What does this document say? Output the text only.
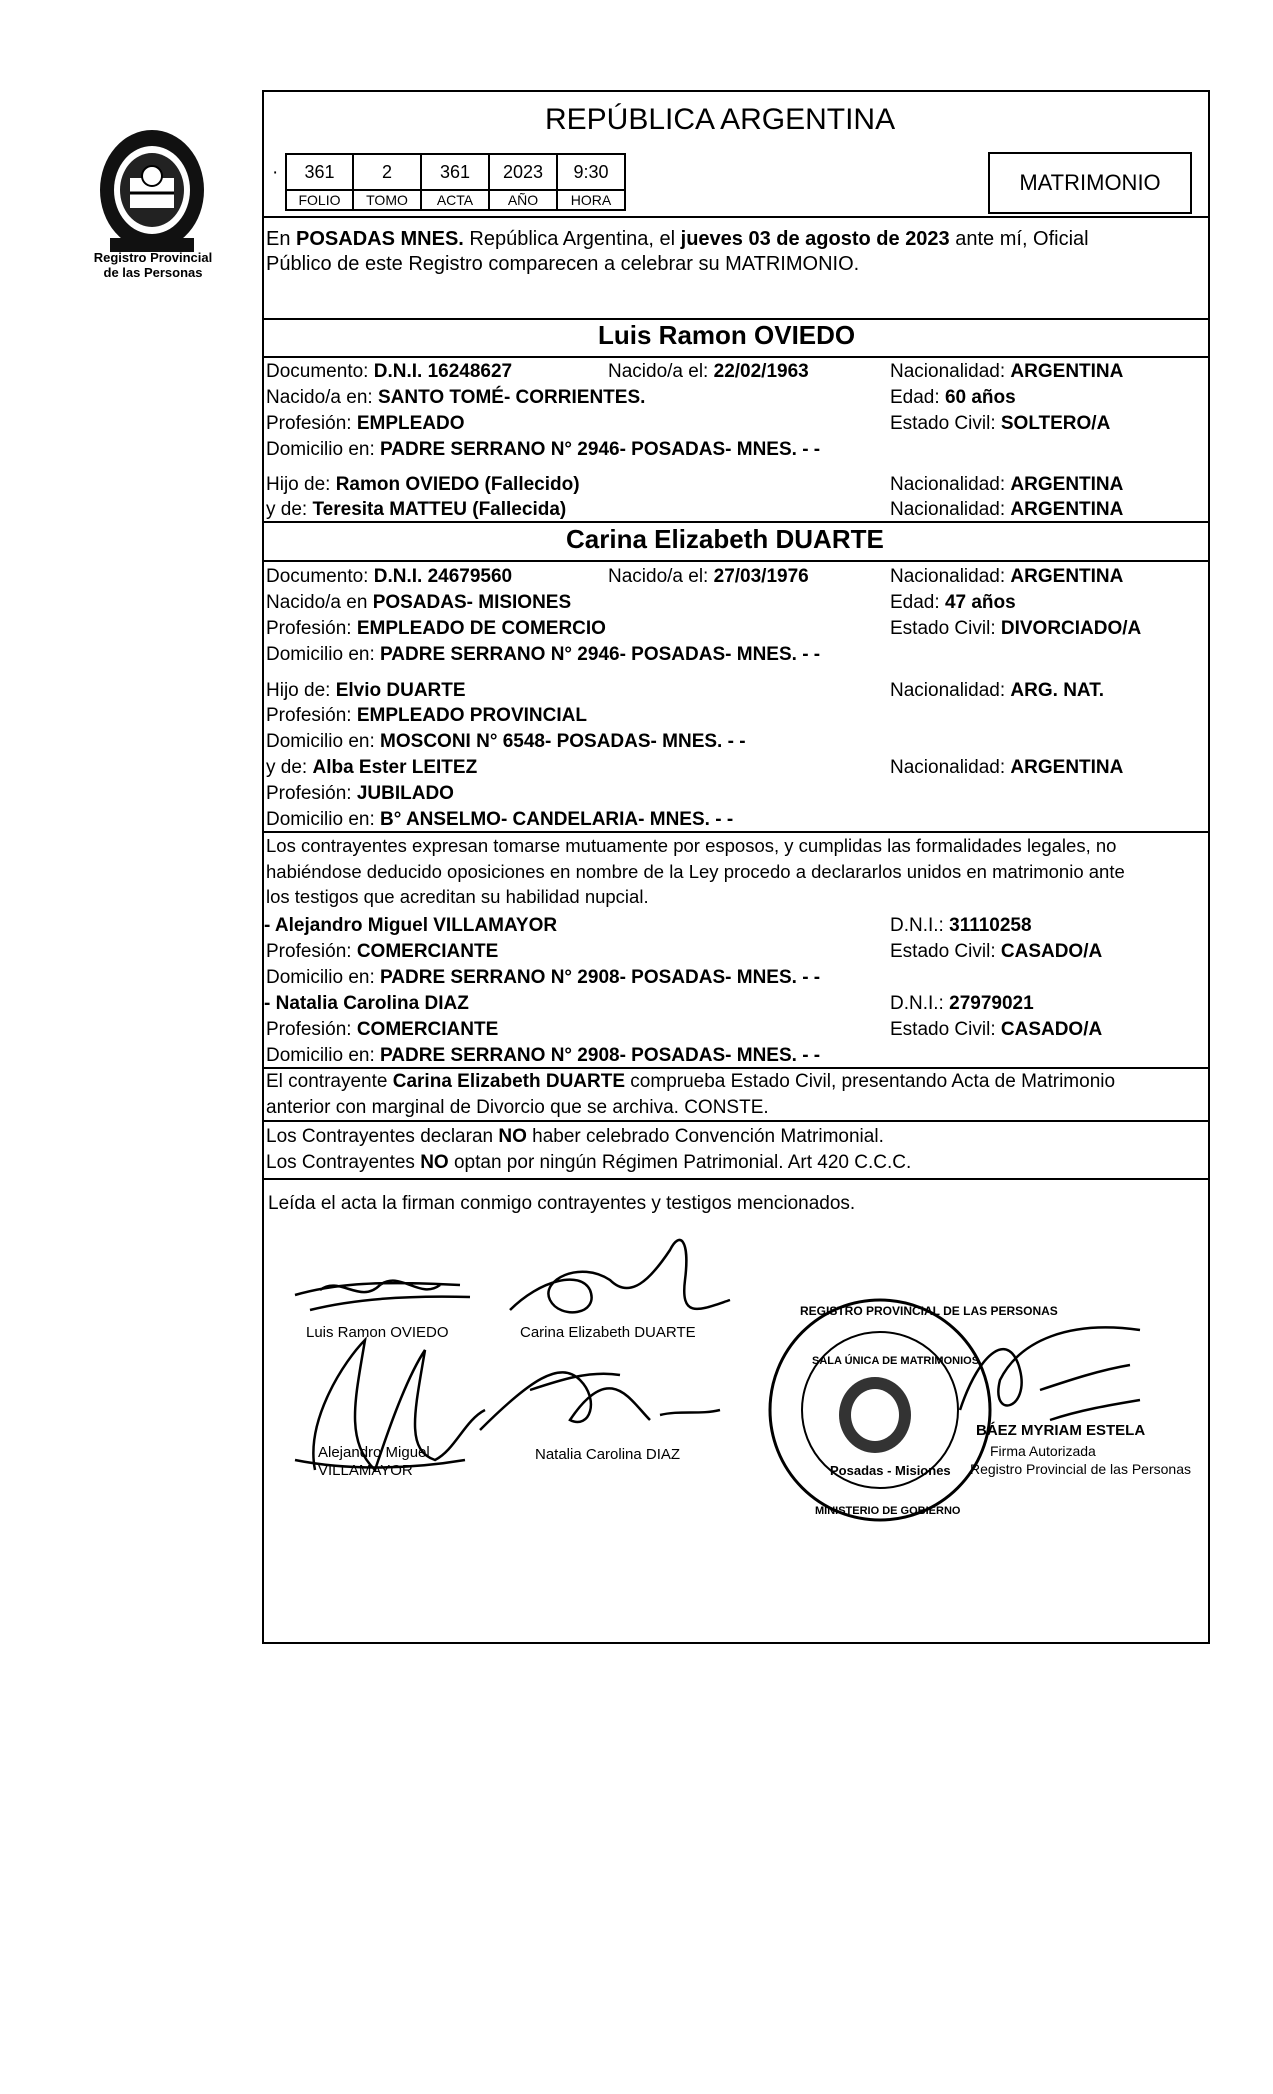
Registro Provincial
de las Personas
REPÚBLICA ARGENTINA
· 361	2	361	2023	9:30
FOLIO	TOMO	ACTA	AÑO	HORA
MATRIMONIO
En POSADAS MNES. República Argentina, el jueves 03 de agosto de 2023 ante mí, Oficial
Público de este Registro comparecen a celebrar su MATRIMONIO.
Luis Ramon OVIEDO
Documento: D.N.I. 16248627	Nacido/a el: 22/02/1963	Nacionalidad: ARGENTINA
Nacido/a en: SANTO TOMÉ- CORRIENTES.	Edad: 60 años
Profesión: EMPLEADO	Estado Civil: SOLTERO/A
Domicilio en: PADRE SERRANO N° 2946- POSADAS- MNES. - -
Hijo de: Ramon OVIEDO (Fallecido)	Nacionalidad: ARGENTINA
y de: Teresita MATTEU (Fallecida)	Nacionalidad: ARGENTINA
Carina Elizabeth DUARTE
Documento: D.N.I. 24679560	Nacido/a el: 27/03/1976	Nacionalidad: ARGENTINA
Nacido/a en POSADAS- MISIONES	Edad: 47 años
Profesión: EMPLEADO DE COMERCIO	Estado Civil: DIVORCIADO/A
Domicilio en: PADRE SERRANO N° 2946- POSADAS- MNES. - -
Hijo de: Elvio DUARTE	Nacionalidad: ARG. NAT.
Profesión: EMPLEADO PROVINCIAL
Domicilio en: MOSCONI N° 6548- POSADAS- MNES. - -
y de: Alba Ester LEITEZ	Nacionalidad: ARGENTINA
Profesión: JUBILADO
Domicilio en: B° ANSELMO- CANDELARIA- MNES. - -
Los contrayentes expresan tomarse mutuamente por esposos, y cumplidas las formalidades legales, no
habiéndose deducido oposiciones en nombre de la Ley procedo a declararlos unidos en matrimonio ante
los testigos que acreditan su habilidad nupcial.
- Alejandro Miguel VILLAMAYOR	D.N.I.: 31110258
Profesión: COMERCIANTE	Estado Civil: CASADO/A
Domicilio en: PADRE SERRANO N° 2908- POSADAS- MNES. - -
- Natalia Carolina DIAZ	D.N.I.: 27979021
Profesión: COMERCIANTE	Estado Civil: CASADO/A
Domicilio en: PADRE SERRANO N° 2908- POSADAS- MNES. - -
El contrayente Carina Elizabeth DUARTE comprueba Estado Civil, presentando Acta de Matrimonio
anterior con marginal de Divorcio que se archiva. CONSTE.
Los Contrayentes declaran NO haber celebrado Convención Matrimonial.
Los Contrayentes NO optan por ningún Régimen Patrimonial. Art 420 C.C.C.
Leída el acta la firman conmigo contrayentes y testigos mencionados.
Luis Ramon OVIEDO	Carina Elizabeth DUARTE
Alejandro Miguel
VILLAMAYOR
Natalia Carolina DIAZ
REGISTRO PROVINCIAL DE LAS PERSONAS
SALA ÚNICA DE MATRIMONIOS
Posadas - Misiones
MINISTERIO DE GOBIERNO
BÁEZ MYRIAM ESTELA
Firma Autorizada
Registro Provincial de las Personas
